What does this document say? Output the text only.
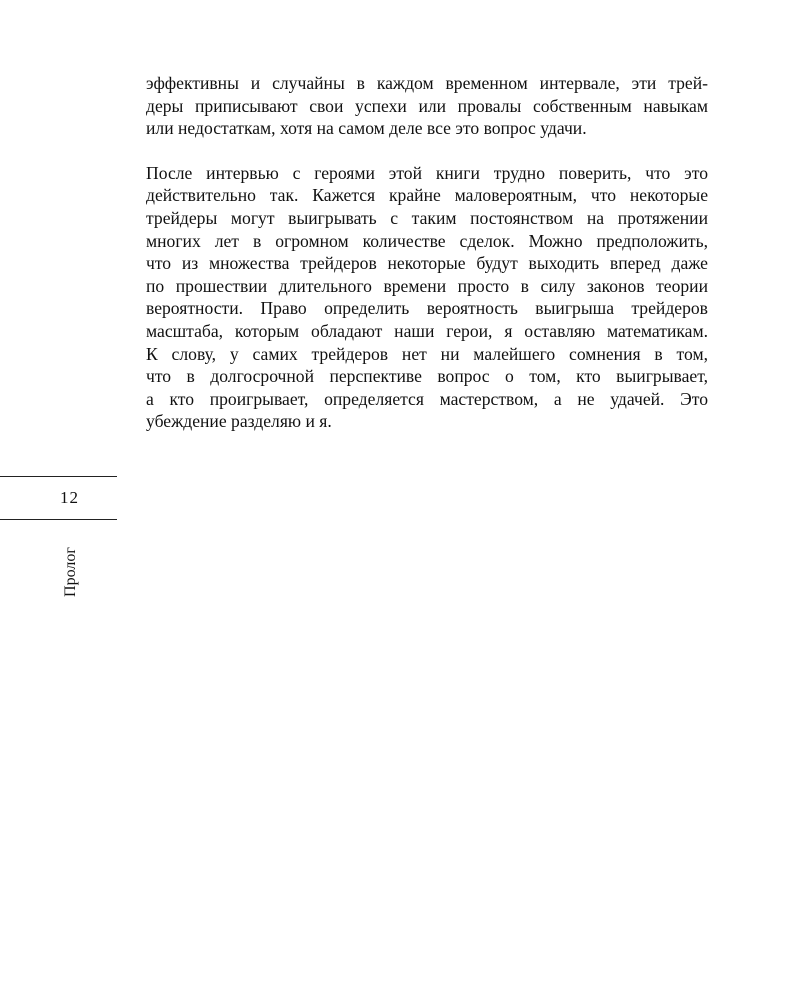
эффективны и случайны в каждом временном интервале, эти трей-
деры приписывают свои успехи или провалы собственным навыкам
или недостаткам, хотя на самом деле все это вопрос удачи.

После интервью с героями этой книги трудно поверить, что это
действительно так. Кажется крайне маловероятным, что некоторые
трейдеры могут выигрывать с таким постоянством на протяжении
многих лет в огромном количестве сделок. Можно предположить,
что из множества трейдеров некоторые будут выходить вперед даже
по прошествии длительного времени просто в силу законов теории
вероятности. Право определить вероятность выигрыша трейдеров
масштаба, которым обладают наши герои, я оставляю математикам.
К слову, у самих трейдеров нет ни малейшего сомнения в том,
что в долгосрочной перспективе вопрос о том, кто выигрывает,
а кто проигрывает, определяется мастерством, а не удачей. Это
убеждение разделяю и я.

12
Пролог
